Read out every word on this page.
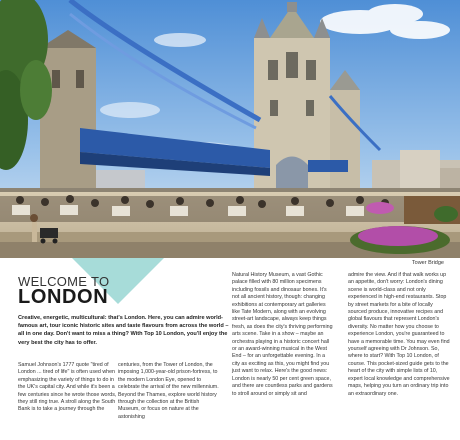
Tower Bridge
WELCOME TO
LONDON
Creative, energetic, multicultural: that's London. Here, you can admire world-famous art, tour iconic historic sites and taste flavours from across the world – all in one day. Don't want to miss a thing? With Top 10 London, you'll enjoy the very best the city has to offer.
Samuel Johnson's 1777 quote "tired of London ... tired of life" is often used when emphasizing the variety of things to do in the UK's capital city. And while it's been a few centuries since he wrote those words, they still ring true. A stroll along the South Bank is to take a journey through the
centuries, from the Tower of London, the imposing 1,000-year-old prison-fortress, to the modern London Eye, opened to celebrate the arrival of the new millennium. Beyond the Thames, explore world history through the collection at the British Museum, or focus on nature at the astonishing
Natural History Museum, a vast Gothic palace filled with 80 million specimens including fossils and dinosaur bones. It's not all ancient history, though: changing exhibitions at contemporary art galleries like Tate Modern, along with an evolving street-art landscape, always keep things fresh, as does the city's thriving performing arts scene. Take in a show – maybe an orchestra playing in a historic concert hall or an award-winning musical in the West End – for an unforgettable evening. In a city as exciting as this, you might find you just want to relax. Here's the good news: London is nearly 50 per cent green space, and there are countless parks and gardens to stroll around or simply sit and
admire the view. And if that walk works up an appetite, don't worry: London's dining scene is world-class and not only experienced in high-end restaurants. Stop by street markets for a bite of locally sourced produce, innovative recipes and global flavours that represent London's diversity. No matter how you choose to experience London, you're guaranteed to have a memorable time. You may even find yourself agreeing with Dr Johnson. So, where to start? With Top 10 London, of course. This pocket-sized guide gets to the heart of the city with simple lists of 10, expert local knowledge and comprehensive maps, helping you turn an ordinary trip into an extraordinary one.
